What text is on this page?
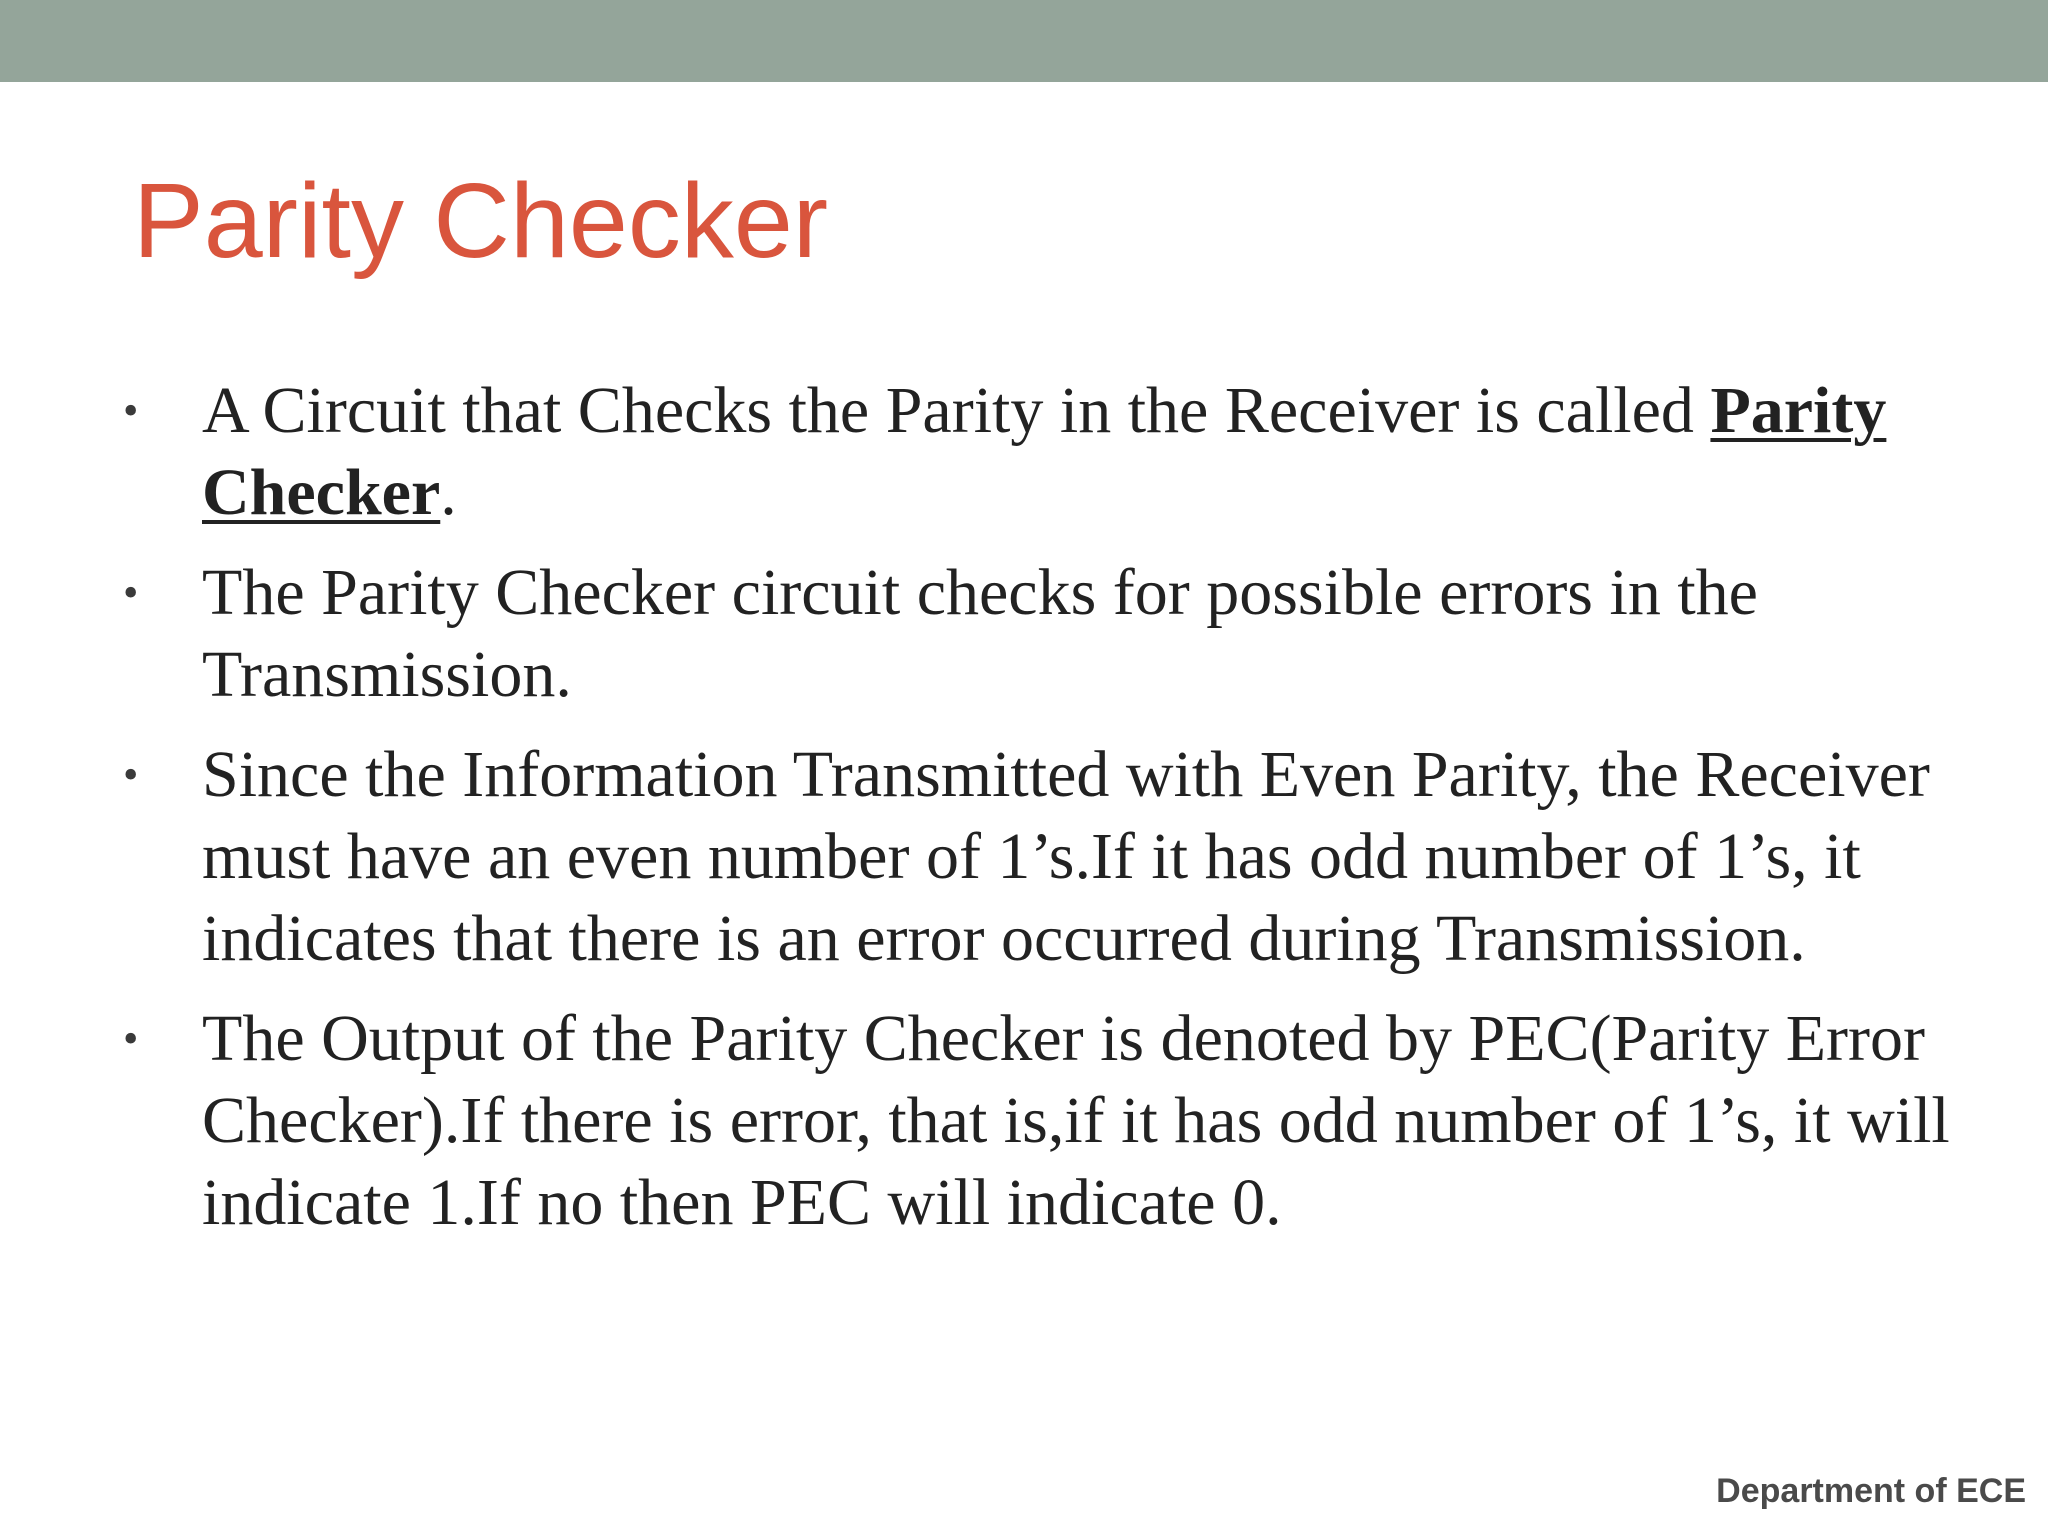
Parity Checker
• A Circuit that Checks the Parity in the Receiver is called Parity Checker.
• The Parity Checker circuit checks for possible errors in the Transmission.
• Since the Information Transmitted with Even Parity, the Receiver must have an even number of 1’s.If it has odd number of 1’s, it indicates that there is an error occurred during Transmission.
• The Output of the Parity Checker is denoted by PEC(Parity Error Checker).If there is error, that is,if it has odd number of 1’s, it will indicate 1.If no then PEC will indicate 0.
Department of ECE
